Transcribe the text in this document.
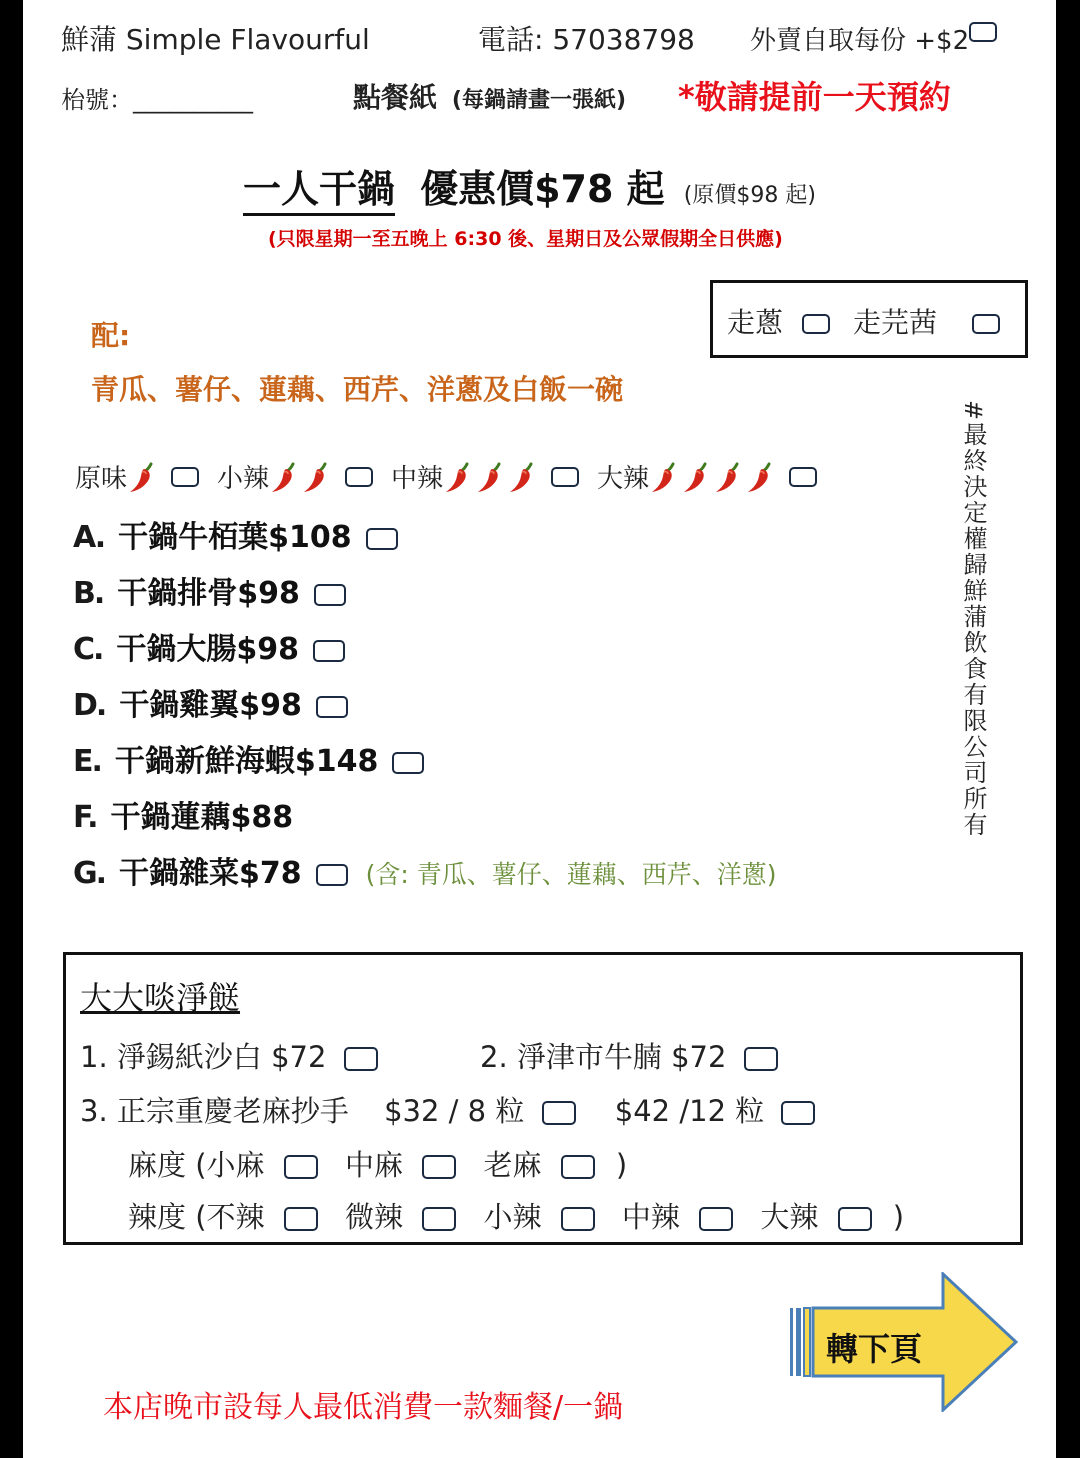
鮮蒲 Simple Flavourful	電話: 57038798 外賣自取每份 +$2
枱號：__________	點餐紙 (每鍋請畫一張紙) *敬請提前一天預約
一人干鍋 優惠價$78 起 (原價$98 起)
(只限星期一至五晚上 6:30 後、星期日及公眾假期全日供應)
走蔥	走芫茜
配:
青瓜、薯仔、蓮藕、西芹、洋蔥及白飯一碗
原味	小辣	中辣	大辣
A. 干鍋牛栢葉$108
B. 干鍋排骨$98
C. 干鍋大腸$98
D. 干鍋雞翼$98
E. 干鍋新鮮海蝦$148
F. 干鍋蓮藕$88
G. 干鍋雜菜$78	(含: 青瓜、薯仔、蓮藕、西芹、洋蔥)
#最終決定權歸鮮蒲飲食有限公司所有
大大啖淨餸
1. 淨錫紙沙白 $72	2. 淨津市牛腩 $72
3. 正宗重慶老麻抄手 $32 / 8 粒	$42 /12 粒
麻度 (小麻	中麻	老麻	)
辣度 (不辣	微辣	小辣	中辣	大辣	)
轉下頁
本店晚市設每人最低消費一款麵餐/一鍋
